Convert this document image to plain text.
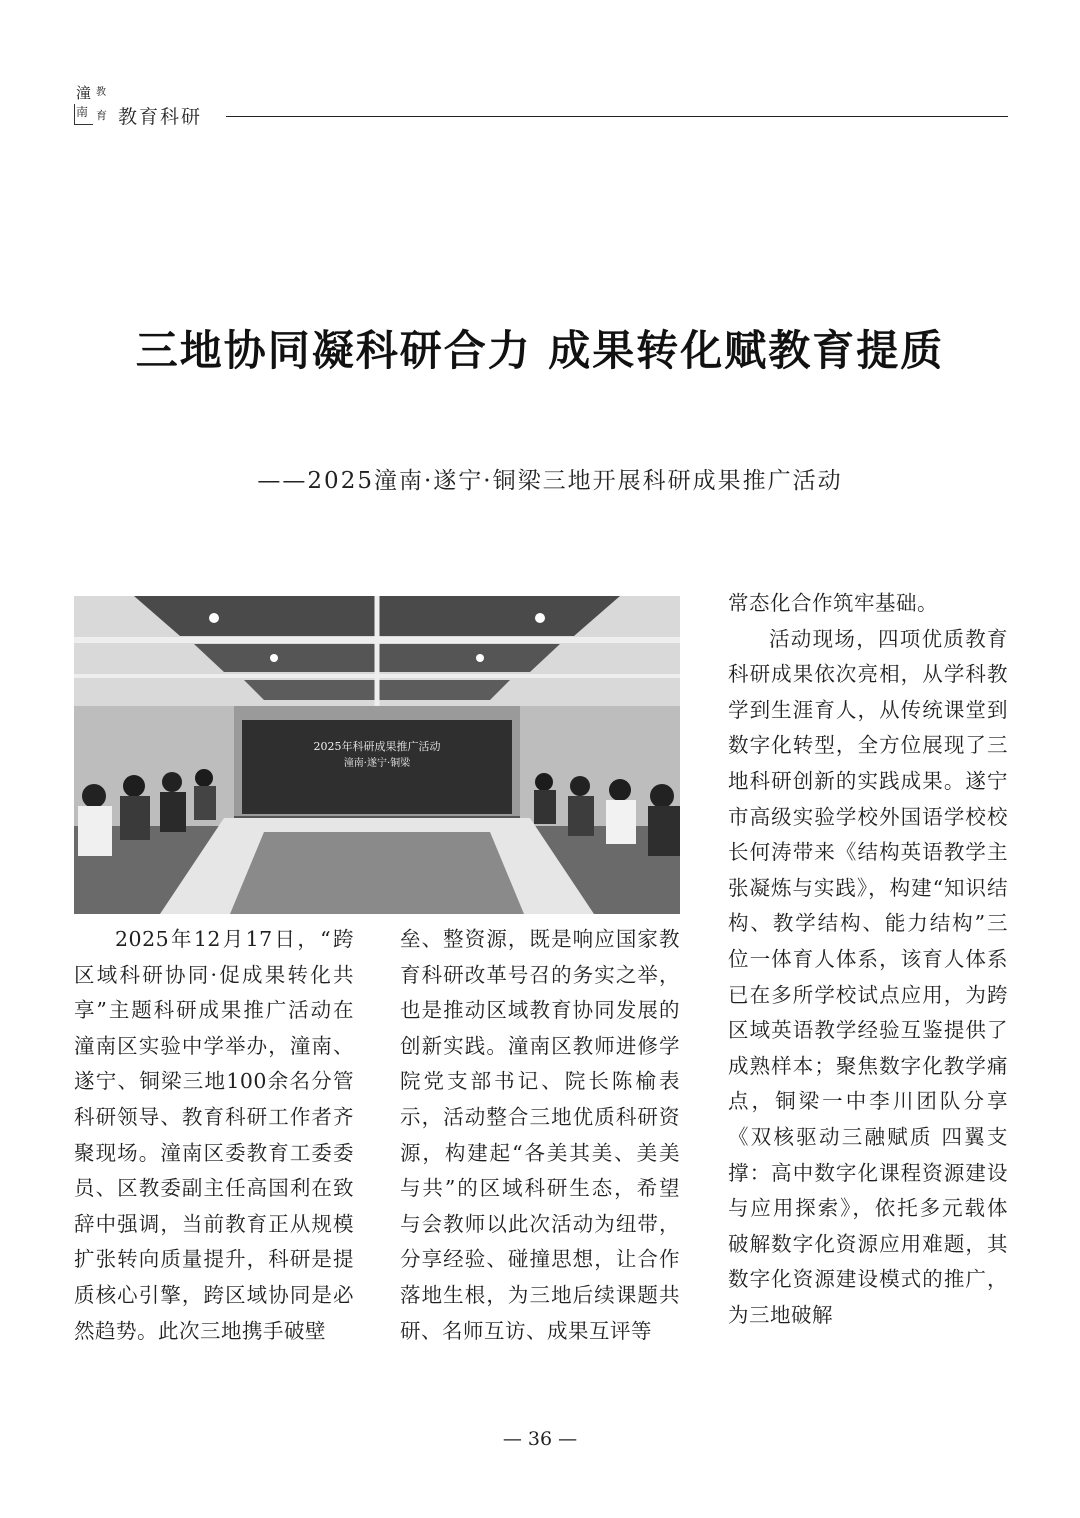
潼 教
南 育 教育科研
三地协同凝科研合力 成果转化赋教育提质
——2025潼南·遂宁·铜梁三地开展科研成果推广活动
2025年科研成果推广活动
潼南·遂宁·铜梁

2025年12月17日，“跨区域科研协同·促成果转化共享”主题科研成果推广活动在潼南区实验中学举办，潼南、遂宁、铜梁三地100余名分管科研领导、教育科研工作者齐聚现场。潼南区委教育工委委员、区教委副主任高国利在致辞中强调，当前教育正从规模扩张转向质量提升，科研是提质核心引擎，跨区域协同是必然趋势。此次三地携手破壁

垒、整资源，既是响应国家教育科研改革号召的务实之举，也是推动区域教育协同发展的创新实践。潼南区教师进修学院党支部书记、院长陈榆表示，活动整合三地优质科研资源，构建起“各美其美、美美与共”的区域科研生态，希望与会教师以此次活动为纽带，分享经验、碰撞思想，让合作落地生根，为三地后续课题共研、名师互访、成果互评等

常态化合作筑牢基础。

活动现场，四项优质教育科研成果依次亮相，从学科教学到生涯育人，从传统课堂到数字化转型，全方位展现了三地科研创新的实践成果。遂宁市高级实验学校外国语学校校长何涛带来《结构英语教学主张凝炼与实践》，构建“知识结构、教学结构、能力结构”三位一体育人体系，该育人体系已在多所学校试点应用，为跨区域英语教学经验互鉴提供了成熟样本；聚焦数字化教学痛点，铜梁一中李川团队分享《双核驱动三融赋质 四翼支撑：高中数字化课程资源建设与应用探索》，依托多元载体破解数字化资源应用难题，其数字化资源建设模式的推广，为三地破解

— 36 —
